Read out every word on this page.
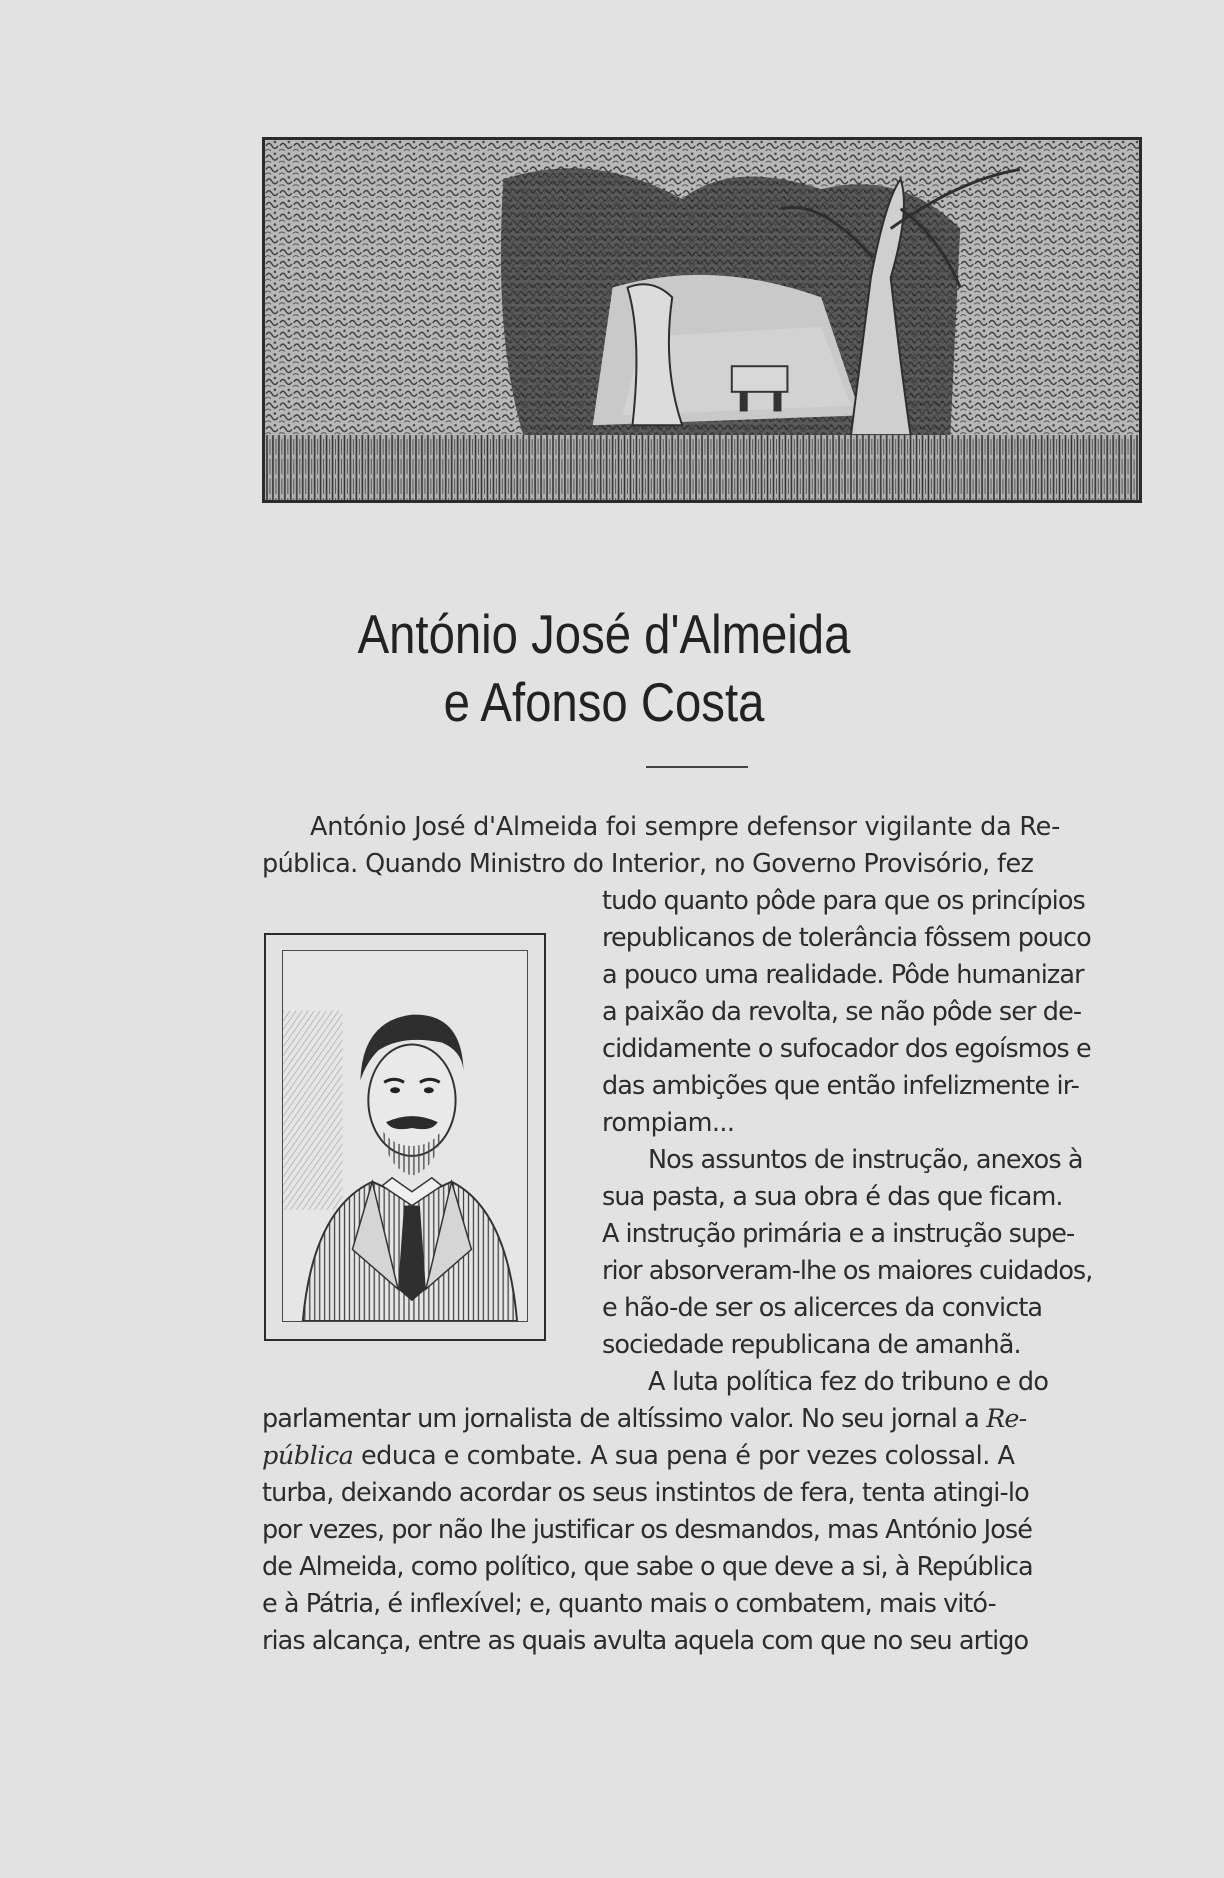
António José d'Almeida
e Afonso Costa
António José d'Almeida foi sempre defensor vigilante da Re-
pública. Quando Ministro do Interior, no Governo Provisório, fez
tudo quanto pôde para que os princípios
republicanos de tolerância fôssem pouco
a pouco uma realidade. Pôde humanizar
a paixão da revolta, se não pôde ser de-
cididamente o sufocador dos egoísmos e
das ambições que então infelizmente ir-
rompiam...
Nos assuntos de instrução, anexos à
sua pasta, a sua obra é das que ficam.
A instrução primária e a instrução supe-
rior absorveram-lhe os maiores cuidados,
e hão-de ser os alicerces da convicta
sociedade republicana de amanhã.
A luta política fez do tribuno e do
parlamentar um jornalista de altíssimo valor. No seu jornal a Re-
pública educa e combate. A sua pena é por vezes colossal. A
turba, deixando acordar os seus instintos de fera, tenta atingi-lo
por vezes, por não lhe justificar os desmandos, mas António José
de Almeida, como político, que sabe o que deve a si, à República
e à Pátria, é inflexível; e, quanto mais o combatem, mais vitó-
rias alcança, entre as quais avulta aquela com que no seu artigo
